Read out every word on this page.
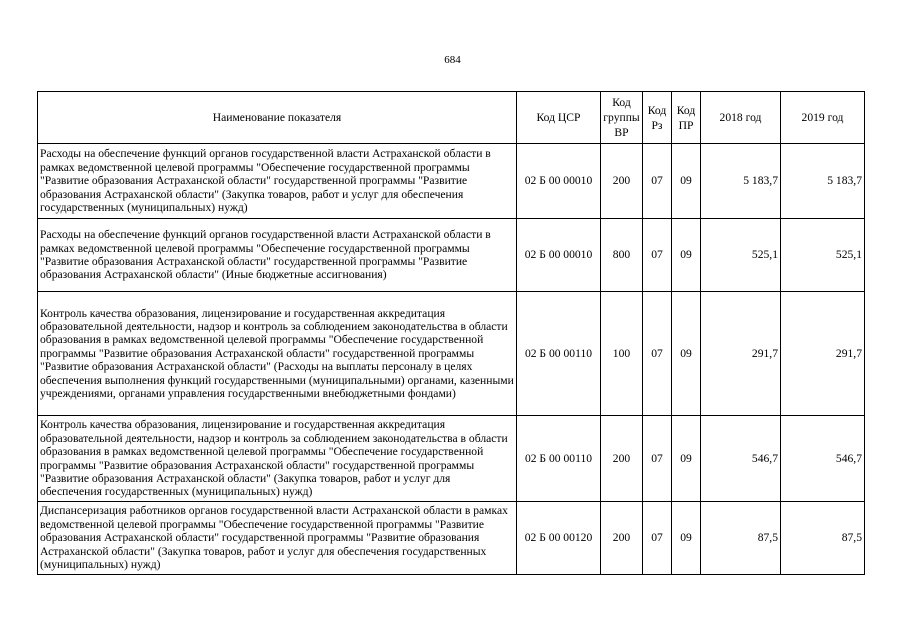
684
Наименование показателя	Код ЦСР	Код группы ВР	Код Рз	Код ПР	2018 год	2019 год
Расходы на обеспечение функций органов государственной власти Астраханской области в рамках ведомственной целевой программы "Обеспечение государственной программы "Развитие образования Астраханской области" государственной программы "Развитие образования Астраханской области" (Закупка товаров, работ и услуг для обеспечения государственных (муниципальных) нужд)	02 Б 00 00010	200	07	09	5 183,7	5 183,7
Расходы на обеспечение функций органов государственной власти Астраханской области в рамках ведомственной целевой программы "Обеспечение государственной программы "Развитие образования Астраханской области" государственной программы "Развитие образования Астраханской области" (Иные бюджетные ассигнования)	02 Б 00 00010	800	07	09	525,1	525,1
Контроль качества образования, лицензирование и государственная аккредитация образовательной деятельности, надзор и контроль за соблюдением законодательства в области образования в рамках ведомственной целевой программы "Обеспечение государственной программы "Развитие образования Астраханской области" государственной программы "Развитие образования Астраханской области" (Расходы на выплаты персоналу в целях обеспечения выполнения функций государственными (муниципальными) органами, казенными учреждениями, органами управления государственными внебюджетными фондами)	02 Б 00 00110	100	07	09	291,7	291,7
Контроль качества образования, лицензирование и государственная аккредитация образовательной деятельности, надзор и контроль за соблюдением законодательства в области образования в рамках ведомственной целевой программы "Обеспечение государственной программы "Развитие образования Астраханской области" государственной программы "Развитие образования Астраханской области" (Закупка товаров, работ и услуг для обеспечения государственных (муниципальных) нужд)	02 Б 00 00110	200	07	09	546,7	546,7
Диспансеризация работников органов государственной власти Астраханской области в рамках ведомственной целевой программы "Обеспечение государственной программы "Развитие образования Астраханской области" государственной программы "Развитие образования Астраханской области" (Закупка товаров, работ и услуг для обеспечения государственных (муниципальных) нужд)	02 Б 00 00120	200	07	09	87,5	87,5
